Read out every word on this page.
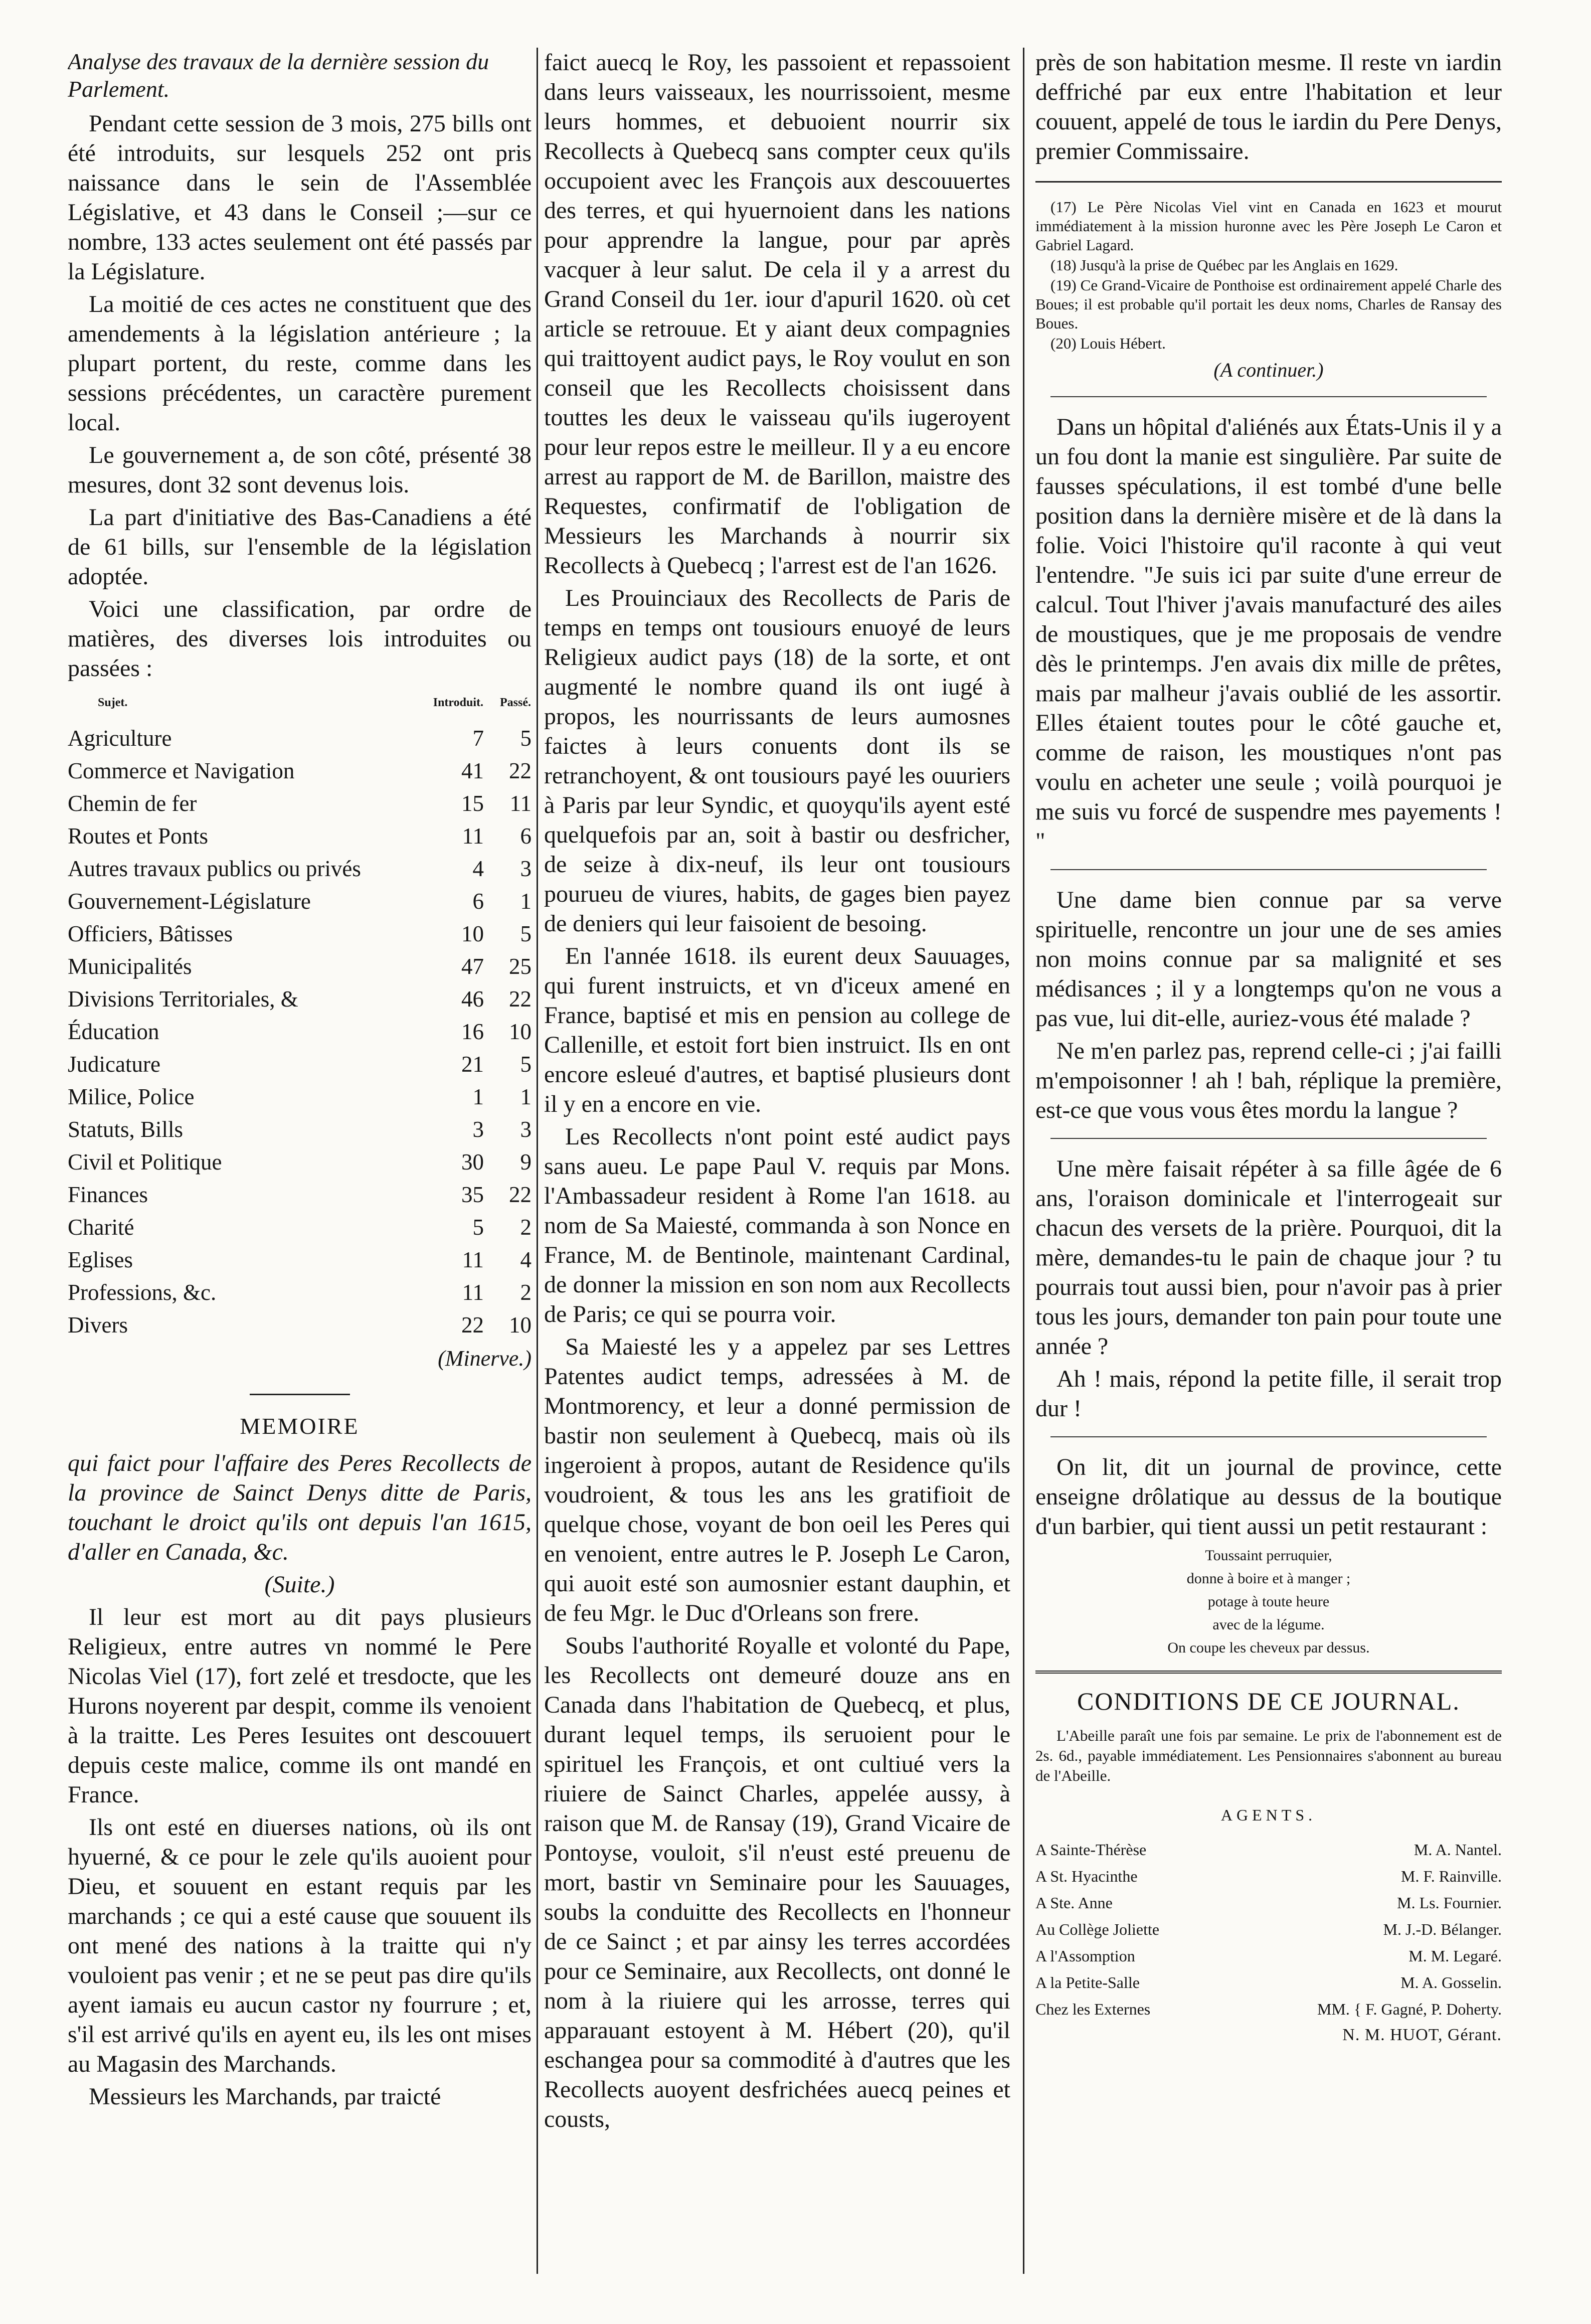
Analyse des travaux de la dernière session du Parlement.

Pendant cette session de 3 mois, 275 bills ont été introduits, sur lesquels 252 ont pris naissance dans le sein de l'Assemblée Législative, et 43 dans le Conseil ;—sur ce nombre, 133 actes seulement ont été passés par la Législature.

La moitié de ces actes ne constituent que des amendements à la législation antérieure ; la plupart portent, du reste, comme dans les sessions précédentes, un caractère purement local.

Le gouvernement a, de son côté, présenté 38 mesures, dont 32 sont devenus lois.

La part d'initiative des Bas-Canadiens a été de 61 bills, sur l'ensemble de la législation adoptée.

Voici une classification, par ordre de matières, des diverses lois introduites ou passées :

Sujet.	Introduit.	Passé.
Agriculture	7	5
Commerce et Navigation	41	22
Chemin de fer	15	11
Routes et Ponts	11	6
Autres travaux publics ou privés	4	3
Gouvernement-Législature	6	1
Officiers, Bâtisses	10	5
Municipalités	47	25
Divisions Territoriales, &	46	22
Éducation	16	10
Judicature	21	5
Milice, Police	1	1
Statuts, Bills	3	3
Civil et Politique	30	9
Finances	35	22
Charité	5	2
Eglises	11	4
Professions, &c.	11	2
Divers	22	10
(Minerve.)
MEMOIRE

qui faict pour l'affaire des Peres Recollects de la province de Sainct Denys ditte de Paris, touchant le droict qu'ils ont depuis l'an 1615, d'aller en Canada, &c.

(Suite.)

Il leur est mort au dit pays plusieurs Religieux, entre autres vn nommé le Pere Nicolas Viel (17), fort zelé et tresdocte, que les Hurons noyerent par despit, comme ils venoient à la traitte. Les Peres Iesuites ont descouuert depuis ceste malice, comme ils ont mandé en France.

Ils ont esté en diuerses nations, où ils ont hyuerné, & ce pour le zele qu'ils auoient pour Dieu, et souuent en estant requis par les marchands ; ce qui a esté cause que souuent ils ont mené des nations à la traitte qui n'y vouloient pas venir ; et ne se peut pas dire qu'ils ayent iamais eu aucun castor ny fourrure ; et, s'il est arrivé qu'ils en ayent eu, ils les ont mises au Magasin des Marchands.

Messieurs les Marchands, par traicté

faict auecq le Roy, les passoient et repassoient dans leurs vaisseaux, les nourrissoient, mesme leurs hommes, et debuoient nourrir six Recollects à Quebecq sans compter ceux qu'ils occupoient avec les François aux descouuertes des terres, et qui hyuernoient dans les nations pour apprendre la langue, pour par après vacquer à leur salut. De cela il y a arrest du Grand Conseil du 1er. iour d'apuril 1620. où cet article se retrouue. Et y aiant deux compagnies qui traittoyent audict pays, le Roy voulut en son conseil que les Recollects choisissent dans touttes les deux le vaisseau qu'ils iugeroyent pour leur repos estre le meilleur. Il y a eu encore arrest au rapport de M. de Barillon, maistre des Requestes, confirmatif de l'obligation de Messieurs les Marchands à nourrir six Recollects à Quebecq ; l'arrest est de l'an 1626.

Les Prouinciaux des Recollects de Paris de temps en temps ont tousiours enuoyé de leurs Religieux audict pays (18) de la sorte, et ont augmenté le nombre quand ils ont iugé à propos, les nourrissants de leurs aumosnes faictes à leurs conuents dont ils se retranchoyent, & ont tousiours payé les ouuriers à Paris par leur Syndic, et quoyqu'ils ayent esté quelquefois par an, soit à bastir ou desfricher, de seize à dix-neuf, ils leur ont tousiours pourueu de viures, habits, de gages bien payez de deniers qui leur faisoient de besoing.

En l'année 1618. ils eurent deux Sauuages, qui furent instruicts, et vn d'iceux amené en France, baptisé et mis en pension au college de Callenille, et estoit fort bien instruict. Ils en ont encore esleué d'autres, et baptisé plusieurs dont il y en a encore en vie.

Les Recollects n'ont point esté audict pays sans aueu. Le pape Paul V. requis par Mons. l'Ambassadeur resident à Rome l'an 1618. au nom de Sa Maiesté, commanda à son Nonce en France, M. de Bentinole, maintenant Cardinal, de donner la mission en son nom aux Recollects de Paris; ce qui se pourra voir.

Sa Maiesté les y a appelez par ses Lettres Patentes audict temps, adressées à M. de Montmorency, et leur a donné permission de bastir non seulement à Quebecq, mais où ils ingeroient à propos, autant de Residence qu'ils voudroient, & tous les ans les gratifioit de quelque chose, voyant de bon oeil les Peres qui en venoient, entre autres le P. Joseph Le Caron, qui auoit esté son aumosnier estant dauphin, et de feu Mgr. le Duc d'Orleans son frere.

Soubs l'authorité Royalle et volonté du Pape, les Recollects ont demeuré douze ans en Canada dans l'habitation de Quebecq, et plus, durant lequel temps, ils seruoient pour le spirituel les François, et ont cultiué vers la riuiere de Sainct Charles, appelée aussy, à raison que M. de Ransay (19), Grand Vicaire de Pontoyse, vouloit, s'il n'eust esté preuenu de mort, bastir vn Seminaire pour les Sauuages, soubs la conduitte des Recollects en l'honneur de ce Sainct ; et par ainsy les terres accordées pour ce Seminaire, aux Recollects, ont donné le nom à la riuiere qui les arrosse, terres qui apparauant estoyent à M. Hébert (20), qu'il eschangea pour sa commodité à d'autres que les Recollects auoyent desfrichées auecq peines et cousts,

près de son habitation mesme. Il reste vn iardin deffriché par eux entre l'habitation et leur couuent, appelé de tous le iardin du Pere Denys, premier Commissaire.

(17) Le Père Nicolas Viel vint en Canada en 1623 et mourut immédiatement à la mission huronne avec les Père Joseph Le Caron et Gabriel Lagard.

(18) Jusqu'à la prise de Québec par les Anglais en 1629.

(19) Ce Grand-Vicaire de Ponthoise est ordinairement appelé Charle des Boues; il est probable qu'il portait les deux noms, Charles de Ransay des Boues.

(20) Louis Hébert.

(A continuer.)

Dans un hôpital d'aliénés aux États-Unis il y a un fou dont la manie est singulière. Par suite de fausses spéculations, il est tombé d'une belle position dans la dernière misère et de là dans la folie. Voici l'histoire qu'il raconte à qui veut l'entendre. "Je suis ici par suite d'une erreur de calcul. Tout l'hiver j'avais manufacturé des ailes de moustiques, que je me proposais de vendre dès le printemps. J'en avais dix mille de prêtes, mais par malheur j'avais oublié de les assortir. Elles étaient toutes pour le côté gauche et, comme de raison, les moustiques n'ont pas voulu en acheter une seule ; voilà pourquoi je me suis vu forcé de suspendre mes payements ! "

Une dame bien connue par sa verve spirituelle, rencontre un jour une de ses amies non moins connue par sa malignité et ses médisances ; il y a longtemps qu'on ne vous a pas vue, lui dit-elle, auriez-vous été malade ?

Ne m'en parlez pas, reprend celle-ci ; j'ai failli m'empoisonner ! ah ! bah, réplique la première, est-ce que vous vous êtes mordu la langue ?

Une mère faisait répéter à sa fille âgée de 6 ans, l'oraison dominicale et l'interrogeait sur chacun des versets de la prière. Pourquoi, dit la mère, demandes-tu le pain de chaque jour ? tu pourrais tout aussi bien, pour n'avoir pas à prier tous les jours, demander ton pain pour toute une année ?

Ah ! mais, répond la petite fille, il serait trop dur !

On lit, dit un journal de province, cette enseigne drôlatique au dessus de la boutique d'un barbier, qui tient aussi un petit restaurant :

Toussaint perruquier,

donne à boire et à manger ;

potage à toute heure

avec de la légume.

On coupe les cheveux par dessus.

CONDITIONS DE CE JOURNAL.

L'Abeille paraît une fois par semaine. Le prix de l'abonnement est de 2s. 6d., payable immédiatement. Les Pensionnaires s'abonnent au bureau de l'Abeille.

AGENTS.
A Sainte-Thérèse	M. A. Nantel.
A St. Hyacinthe	M. F. Rainville.
A Ste. Anne	M. Ls. Fournier.
Au Collège Joliette	M. J.-D. Bélanger.
A l'Assomption	M. M. Legaré.
A la Petite-Salle	M. A. Gosselin.
Chez les Externes	MM. { F. Gagné, P. Doherty.
N. M. HUOT, Gérant.
